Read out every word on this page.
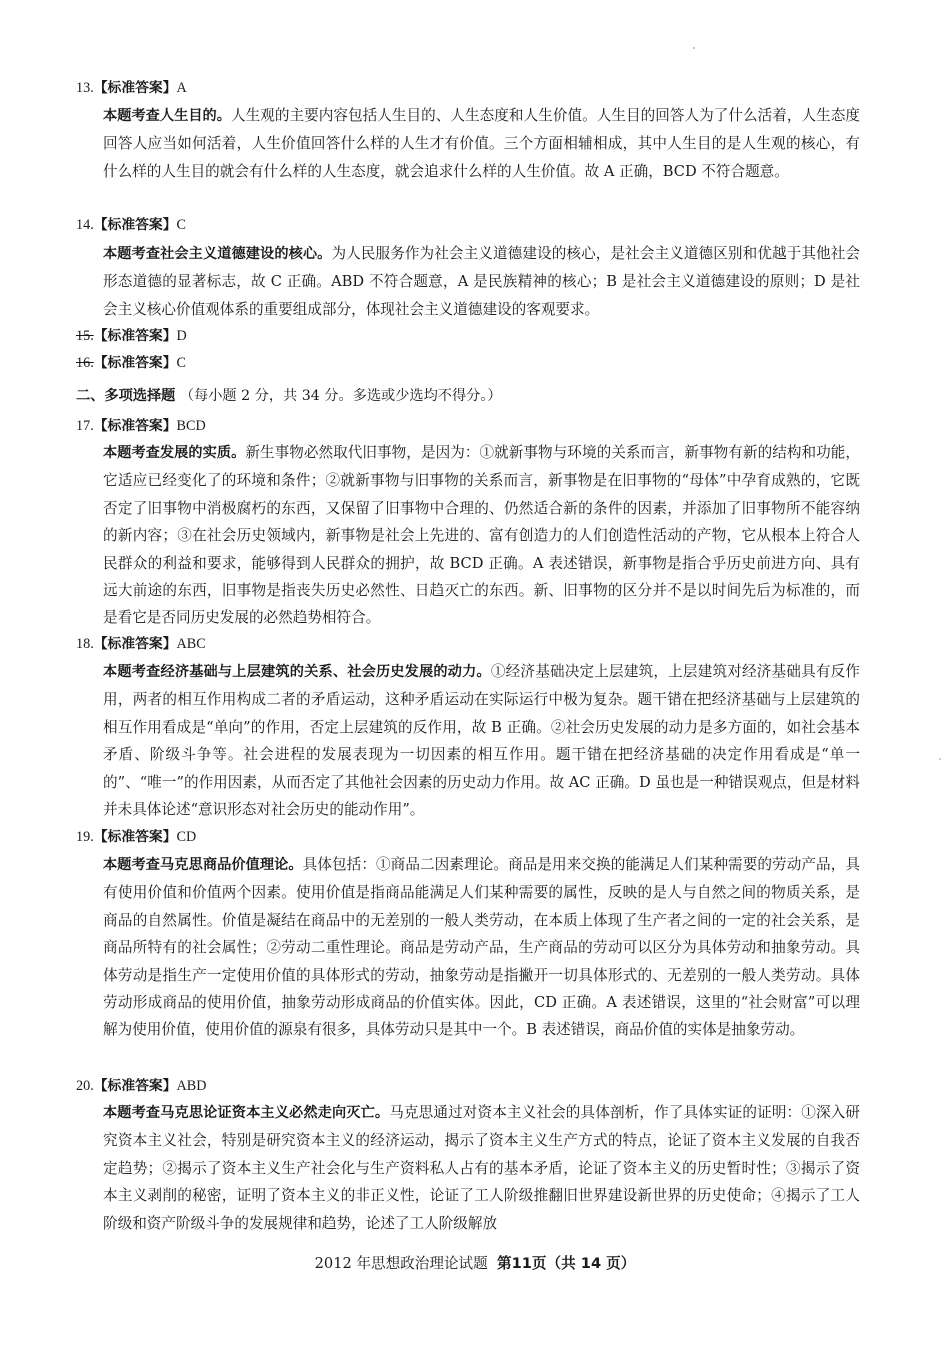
13.【标准答案】A
本题考查人生目的。人生观的主要内容包括人生目的、人生态度和人生价值。人生目的回答人为了什么活着，人生态度回答人应当如何活着，人生价值回答什么样的人生才有价值。三个方面相辅相成，其中人生目的是人生观的核心，有什么样的人生目的就会有什么样的人生态度，就会追求什么样的人生价值。故 A 正确，BCD 不符合题意。
14.【标准答案】C
本题考查社会主义道德建设的核心。为人民服务作为社会主义道德建设的核心，是社会主义道德区别和优越于其他社会形态道德的显著标志，故 C 正确。ABD 不符合题意，A 是民族精神的核心；B 是社会主义道德建设的原则；D 是社会主义核心价值观体系的重要组成部分，体现社会主义道德建设的客观要求。
15.【标准答案】D
16.【标准答案】C
二、多项选择题 （每小题 2 分，共 34 分。多选或少选均不得分。）
17.【标准答案】BCD
本题考查发展的实质。新生事物必然取代旧事物，是因为：①就新事物与环境的关系而言，新事物有新的结构和功能，它适应已经变化了的环境和条件；②就新事物与旧事物的关系而言，新事物是在旧事物的“母体”中孕育成熟的，它既否定了旧事物中消极腐朽的东西，又保留了旧事物中合理的、仍然适合新的条件的因素，并添加了旧事物所不能容纳的新内容；③在社会历史领域内，新事物是社会上先进的、富有创造力的人们创造性活动的产物，它从根本上符合人民群众的利益和要求，能够得到人民群众的拥护，故 BCD 正确。A 表述错误，新事物是指合乎历史前进方向、具有远大前途的东西，旧事物是指丧失历史必然性、日趋灭亡的东西。新、旧事物的区分并不是以时间先后为标准的，而是看它是否同历史发展的必然趋势相符合。
18.【标准答案】ABC
本题考查经济基础与上层建筑的关系、社会历史发展的动力。①经济基础决定上层建筑，上层建筑对经济基础具有反作用，两者的相互作用构成二者的矛盾运动，这种矛盾运动在实际运行中极为复杂。题干错在把经济基础与上层建筑的相互作用看成是“单向”的作用，否定上层建筑的反作用，故 B 正确。②社会历史发展的动力是多方面的，如社会基本矛盾、阶级斗争等。社会进程的发展表现为一切因素的相互作用。题干错在把经济基础的决定作用看成是“单一的”、“唯一”的作用因素，从而否定了其他社会因素的历史动力作用。故 AC 正确。D 虽也是一种错误观点，但是材料并未具体论述“意识形态对社会历史的能动作用”。
19.【标准答案】CD
本题考查马克思商品价值理论。具体包括：①商品二因素理论。商品是用来交换的能满足人们某种需要的劳动产品，具有使用价值和价值两个因素。使用价值是指商品能满足人们某种需要的属性，反映的是人与自然之间的物质关系，是商品的自然属性。价值是凝结在商品中的无差别的一般人类劳动，在本质上体现了生产者之间的一定的社会关系，是商品所特有的社会属性；②劳动二重性理论。商品是劳动产品，生产商品的劳动可以区分为具体劳动和抽象劳动。具体劳动是指生产一定使用价值的具体形式的劳动，抽象劳动是指撇开一切具体形式的、无差别的一般人类劳动。具体劳动形成商品的使用价值，抽象劳动形成商品的价值实体。因此，CD 正确。A 表述错误，这里的“社会财富”可以理解为使用价值，使用价值的源泉有很多，具体劳动只是其中一个。B 表述错误，商品价值的实体是抽象劳动。
20.【标准答案】ABD
本题考查马克思论证资本主义必然走向灭亡。马克思通过对资本主义社会的具体剖析，作了具体实证的证明：①深入研究资本主义社会，特别是研究资本主义的经济运动，揭示了资本主义生产方式的特点，论证了资本主义发展的自我否定趋势；②揭示了资本主义生产社会化与生产资料私人占有的基本矛盾，论证了资本主义的历史暂时性；③揭示了资本主义剥削的秘密，证明了资本主义的非正义性，论证了工人阶级推翻旧世界建设新世界的历史使命；④揭示了工人阶级和资产阶级斗争的发展规律和趋势，论述了工人阶级解放
2012 年思想政治理论试题 第11页（共 14 页）
